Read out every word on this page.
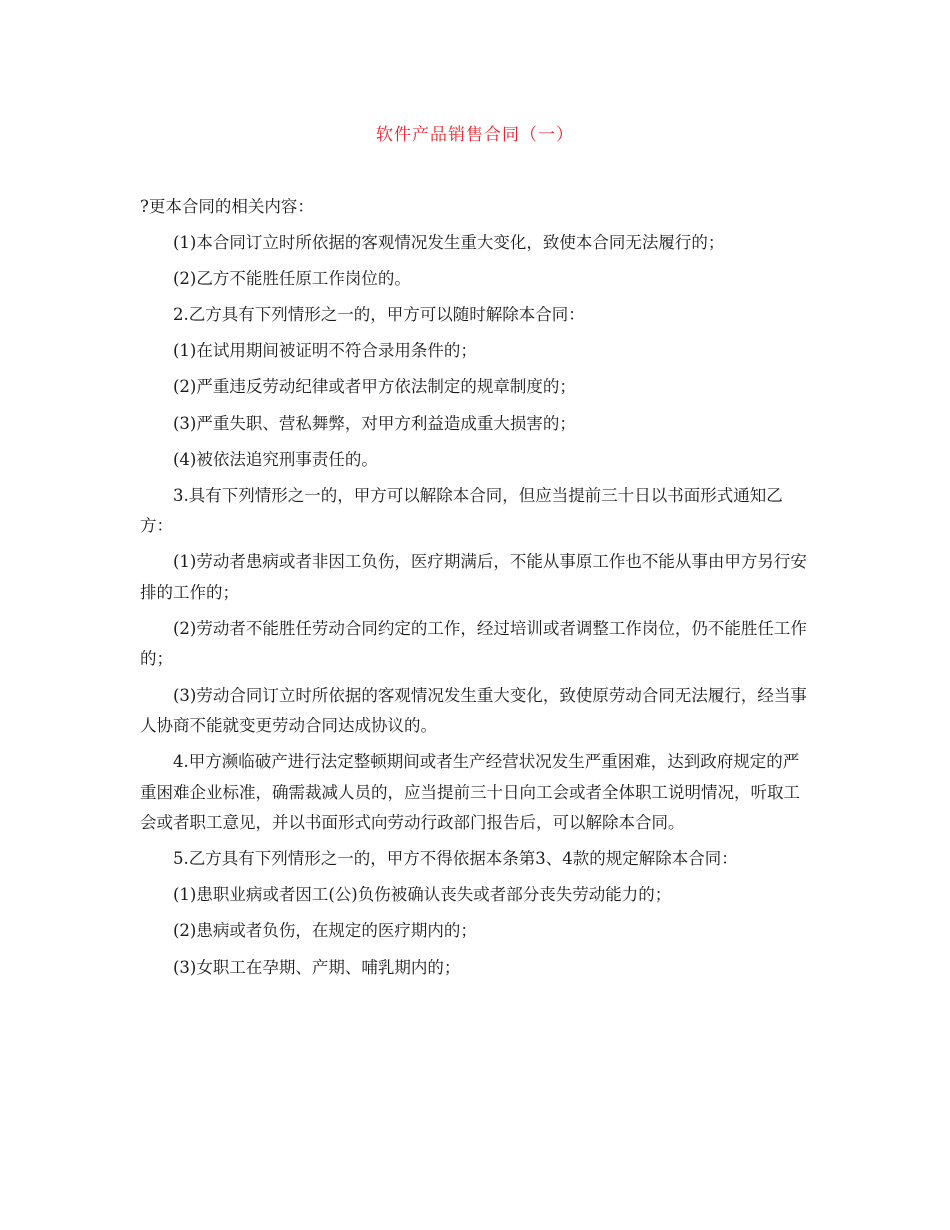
软件产品销售合同（一）

?更本合同的相关内容：

(1)本合同订立时所依据的客观情况发生重大变化，致使本合同无法履行的；

(2)乙方不能胜任原工作岗位的。

2.乙方具有下列情形之一的，甲方可以随时解除本合同：

(1)在试用期间被证明不符合录用条件的；

(2)严重违反劳动纪律或者甲方依法制定的规章制度的；

(3)严重失职、营私舞弊，对甲方利益造成重大损害的；

(4)被依法追究刑事责任的。

3.具有下列情形之一的，甲方可以解除本合同，但应当提前三十日以书面形式通知乙方：

(1)劳动者患病或者非因工负伤，医疗期满后，不能从事原工作也不能从事由甲方另行安排的工作的；

(2)劳动者不能胜任劳动合同约定的工作，经过培训或者调整工作岗位，仍不能胜任工作的；

(3)劳动合同订立时所依据的客观情况发生重大变化，致使原劳动合同无法履行，经当事人协商不能就变更劳动合同达成协议的。

4.甲方濒临破产进行法定整顿期间或者生产经营状况发生严重困难，达到政府规定的严重困难企业标准，确需裁减人员的，应当提前三十日向工会或者全体职工说明情况，听取工会或者职工意见，并以书面形式向劳动行政部门报告后，可以解除本合同。

5.乙方具有下列情形之一的，甲方不得依据本条第3、4款的规定解除本合同：

(1)患职业病或者因工(公)负伤被确认丧失或者部分丧失劳动能力的；

(2)患病或者负伤，在规定的医疗期内的；

(3)女职工在孕期、产期、哺乳期内的；
